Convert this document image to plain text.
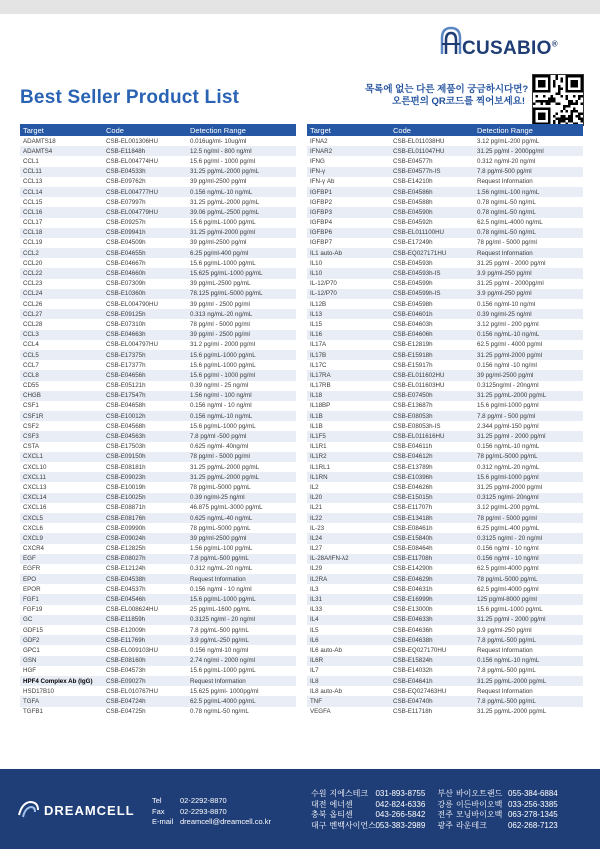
CUSABIO®
Best Seller Product List	목록에 없는 다른 제품이 궁금하시다면?
오른편의 QR코드를 찍어보세요!
Target	Code	Detection Range
ADAMTS18	CSB-EL001306HU	0.016ug/ml- 10ug/ml
ADAMTS4	CSB-E11848h	12.5 ng/ml - 800 ng/ml
CCL1	CSB-EL004774HU	15.6 pg/ml - 1000 pg/ml
CCL11	CSB-E04533h	31.25 pg/mL-2000 pg/mL
CCL13	CSB-E09762h	39 pg/ml-2500 pg/ml
CCL14	CSB-EL004777HU	0.156 ng/mL-10 ng/mL
CCL15	CSB-E07997h	31.25 pg/mL-2000 pg/mL
CCL16	CSB-EL004779HU	39.06 pg/mL-2500 pg/mL
CCL17	CSB-E09257h	15.6 pg/mL-1000 pg/mL
CCL18	CSB-E09941h	31.25 pg/ml-2000 pg/ml
CCL19	CSB-E04509h	39 pg/ml-2500 pg/ml
CCL2	CSB-E04655h	6.25 pg/ml-400 pg/ml
CCL20	CSB-E04667h	15.6 pg/mL-1000 pg/mL
CCL22	CSB-E04660h	15.625 pg/mL-1000 pg/mL
CCL23	CSB-E07309h	39 pg/mL-2500 pg/mL
CCL24	CSB-E10360h	78.125 pg/mL-5000 pg/mL
CCL26	CSB-EL004790HU	39 pg/ml - 2500 pg/ml
CCL27	CSB-E09125h	0.313 ng/mL-20 ng/mL
CCL28	CSB-E07310h	78 pg/ml - 5000 pg/ml
CCL3	CSB-E04663h	39 pg/ml - 2500 pg/ml
CCL4	CSB-EL004797HU	31.2 pg/ml - 2000 pg/ml
CCL5	CSB-E17375h	15.6 pg/mL-1000 pg/mL
CCL7	CSB-E17377h	15.6 pg/mL-1000 pg/mL
CCL8	CSB-E04656h	15.6 pg/ml - 1000 pg/ml
CD55	CSB-E05121h	0.39 ng/ml - 25 ng/ml
CHGB	CSB-E17547h	1.56 ng/ml - 100 ng/ml
CSF1	CSB-E04658h	0.156 ng/ml - 10 ng/ml
CSF1R	CSB-E10012h	0.156 ng/mL-10 ng/mL
CSF2	CSB-E04568h	15.6 pg/mL-1000 pg/mL
CSF3	CSB-E04563h	7.8 pg/ml -500 pg/ml
CSTA	CSB-E17503h	0.625 ng/ml- 40ng/ml
CXCL1	CSB-E09150h	78 pg/ml - 5000 pg/ml
CXCL10	CSB-E08181h	31.25 pg/mL-2000 pg/mL
CXCL11	CSB-E09023h	31.25 pg/mL-2000 pg/mL
CXCL13	CSB-E10019h	78 pg/mL-5000 pg/mL
CXCL14	CSB-E10025h	0.39 ng/ml-25 ng/ml
CXCL16	CSB-E08871h	46.875 pg/mL-3000 pg/mL
CXCL5	CSB-E08176h	0.625 ng/mL-40 ng/mL
CXCL6	CSB-E09990h	78 pg/mL-5000 pg/mL
CXCL9	CSB-E09024h	39 pg/ml-2500 pg/ml
CXCR4	CSB-E12825h	1.56 pg/mL-100 pg/mL
EGF	CSB-E08027h	7.8 pg/mL-500 pg/mL
EGFR	CSB-E12124h	0.312 ng/mL-20 ng/mL
EPO	CSB-E04538h	Request Information
EPOR	CSB-E04537h	0.156 ng/ml - 10 ng/ml
FGF1	CSB-E04546h	15.6 pg/mL-1000 pg/mL
FGF19	CSB-EL008624HU	25 pg/mL-1600 pg/mL
GC	CSB-E11859h	0.3125 ng/ml - 20 ng/ml
GDF15	CSB-E12009h	7.8 pg/mL-500 pg/mL
GDF2	CSB-E11769h	3.9 pg/mL-250 pg/mL
GPC1	CSB-EL009103HU	0.156 ng/ml-10 ng/ml
GSN	CSB-E08160h	2.74 ng/ml - 2000 ng/ml
HGF	CSB-E04573h	15.6 pg/mL-1000 pg/mL
HPF4 Complex Ab (IgG)	CSB-E09027h	Request Information
HSD17B10	CSB-EL010767HU	15.625 pg/ml- 1000pg/ml
TGFA	CSB-E04724h	62.5 pg/mL-4000 pg/mL
TGFB1	CSB-E04725h	0.78 ng/mL-50 ng/mL
Target	Code	Detection Range
IFNA2	CSB-EL011038HU	3.12 pg/mL-200 pg/mL
IFNAR2	CSB-EL011047HU	31.25 pg/ml - 2000pg/ml
IFNG	CSB-E04577h	0.312 ng/ml-20 ng/ml
IFN-γ	CSB-E04577h-IS	7.8 pg/ml-500 pg/ml
IFN-γ Ab	CSB-E14210h	Request Information
IGFBP1	CSB-E04586h	1.56 ng/mL-100 ng/mL
IGFBP2	CSB-E04588h	0.78 ng/mL-50 ng/mL
IGFBP3	CSB-E04590h	0.78 ng/mL-50 ng/mL
IGFBP4	CSB-E04592h	62.5 ng/mL-4000 ng/mL
IGFBP6	CSB-EL011100HU	0.78 ng/mL-50 ng/mL
IGFBP7	CSB-E17249h	78 pg/ml - 5000 pg/ml
IL1 auto-Ab	CSB-EQ027171HU	Request Information
IL10	CSB-E04593h	31.25 pg/ml - 2000 pg/ml
IL10	CSB-E04593h-IS	3.9 pg/ml-250 pg/ml
IL-12/P70	CSB-E04599h	31.25 pg/ml - 2000pg/ml
IL-12/P70	CSB-E04599h-IS	3.9 pg/ml-250 pg/ml
IL12B	CSB-E04598h	0.156 ng/ml-10 ng/ml
IL13	CSB-E04601h	0.39 ng/ml-25 ng/ml
IL15	CSB-E04603h	3.12 pg/ml - 200 pg/ml
IL16	CSB-E04606h	0.156 ng/mL-10 ng/mL
IL17A	CSB-E12819h	62.5 pg/ml - 4000 pg/ml
IL17B	CSB-E15918h	31.25 pg/ml-2000 pg/ml
IL17C	CSB-E15917h	0.156 ng/ml -10 ng/ml
IL17RA	CSB-EL011602HU	39 pg/ml-2500 pg/ml
IL17RB	CSB-EL011603HU	0.3125ng/ml - 20ng/ml
IL18	CSB-E07450h	31.25 pg/mL-2000 pg/mL
IL18BP	CSB-E13687h	15.6 pg/ml-1000 pg/ml
IL1B	CSB-E08053h	7.8 pg/ml - 500 pg/ml
IL1B	CSB-E08053h-IS	2.344 pg/ml-150 pg/ml
IL1F5	CSB-EL011616HU	31.25 pg/ml - 2000 pg/ml
IL1R1	CSB-E04611h	0.156 ng/mL-10 ng/mL
IL1R2	CSB-E04612h	78 pg/mL-5000 pg/mL
IL1RL1	CSB-E13789h	0.312 ng/mL-20 ng/mL
IL1RN	CSB-E10396h	15.6 pg/ml-1000 pg/ml
IL2	CSB-E04626h	31.25 pg/ml-2000 pg/ml
IL20	CSB-E15015h	0.3125 ng/ml- 20ng/ml
IL21	CSB-E11707h	3.12 pg/mL-200 pg/mL
IL22	CSB-E13418h	78 pg/ml - 5000 pg/ml
IL-23	CSB-E08461h	6.25 pg/mL-400 pg/mL
IL24	CSB-E15840h	0.3125 ng/ml - 20 ng/ml
IL27	CSB-E08464h	0.156 ng/ml - 10 ng/ml
IL-28A/IFN-λ2	CSB-E11708h	0.156 ng/ml - 10 ng/ml
IL29	CSB-E14290h	62.5 pg/ml-4000 pg/ml
IL2RA	CSB-E04629h	78 pg/mL-5000 pg/mL
IL3	CSB-E04631h	62.5 pg/ml-4000 pg/ml
IL31	CSB-E16999h	125 pg/ml-8000 pg/ml
IL33	CSB-E13000h	15.6 pg/mL-1000 pg/mL
IL4	CSB-E04633h	31.25 pg/ml - 2000 pg/ml
IL5	CSB-E04636h	3.9 pg/ml-250 pg/ml
IL6	CSB-E04638h	7.8 pg/mL-500 pg/mL
IL6 auto-Ab	CSB-EQ027170HU	Request Information
IL6R	CSB-E15824h	0.156 ng/mL-10 ng/mL
IL7	CSB-E14032h	7.8 pg/mL-500 pg/mL
IL8	CSB-E04641h	31.25 pg/mL-2000 pg/mL
IL8 auto-Ab	CSB-EQ027463HU	Request Information
TNF	CSB-E04740h	7.8 pg/mL-500 pg/mL
VEGFA	CSB-E11718h	31.25 pg/mL-2000 pg/mL
DREAMCELL
Tel 02-2292-8870
Fax 02-2293-8870
E-mail dreamcell@dreamcell.co.kr
수원 지에스테크 031-893-8755	부산 바이오트랜드 055-384-6884
대전 에너센	042-824-6336	강릉 이든바이오백 033-256-3385
충북 옵티센	043-266-5842	전주 모닝바이오백 063-278-1345
대구 벤백사이언스 053-383-2989	광주 라운테크	062-268-7123
